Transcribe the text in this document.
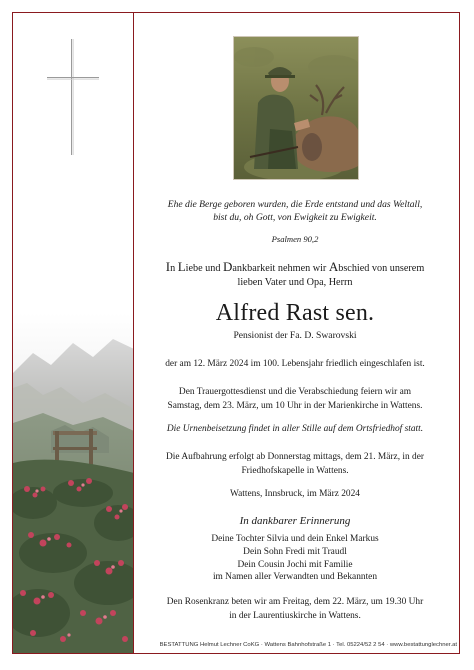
Ehe die Berge geboren wurden, die Erde entstand und das Weltall,
bist du, oh Gott, von Ewigkeit zu Ewigkeit.
Psalmen 90,2
In Liebe und Dankbarkeit nehmen wir Abschied von unserem
lieben Vater und Opa, Herrn
Alfred Rast sen.
Pensionist der Fa. D. Swarovski
der am 12. März 2024 im 100. Lebensjahr friedlich eingeschlafen ist.
Den Trauergottesdienst und die Verabschiedung feiern wir am
Samstag, dem 23. März, um 10 Uhr in der Marienkirche in Wattens.
Die Urnenbeisetzung findet in aller Stille auf dem Ortsfriedhof statt.
Die Aufbahrung erfolgt ab Donnerstag mittags, dem 21. März, in der
Friedhofskapelle in Wattens.
Wattens, Innsbruck, im März 2024
In dankbarer Erinnerung
Deine Tochter Silvia und dein Enkel Markus
Dein Sohn Fredi mit Traudl
Dein Cousin Jochi mit Familie
im Namen aller Verwandten und Bekannten
Den Rosenkranz beten wir am Freitag, dem 22. März, um 19.30 Uhr
in der Laurentiuskirche in Wattens.
BESTATTUNG Helmut Lechner CoKG · Wattens Bahnhofstraße 1 · Tel. 05224/52 2 54 · www.bestattunglechner.at
